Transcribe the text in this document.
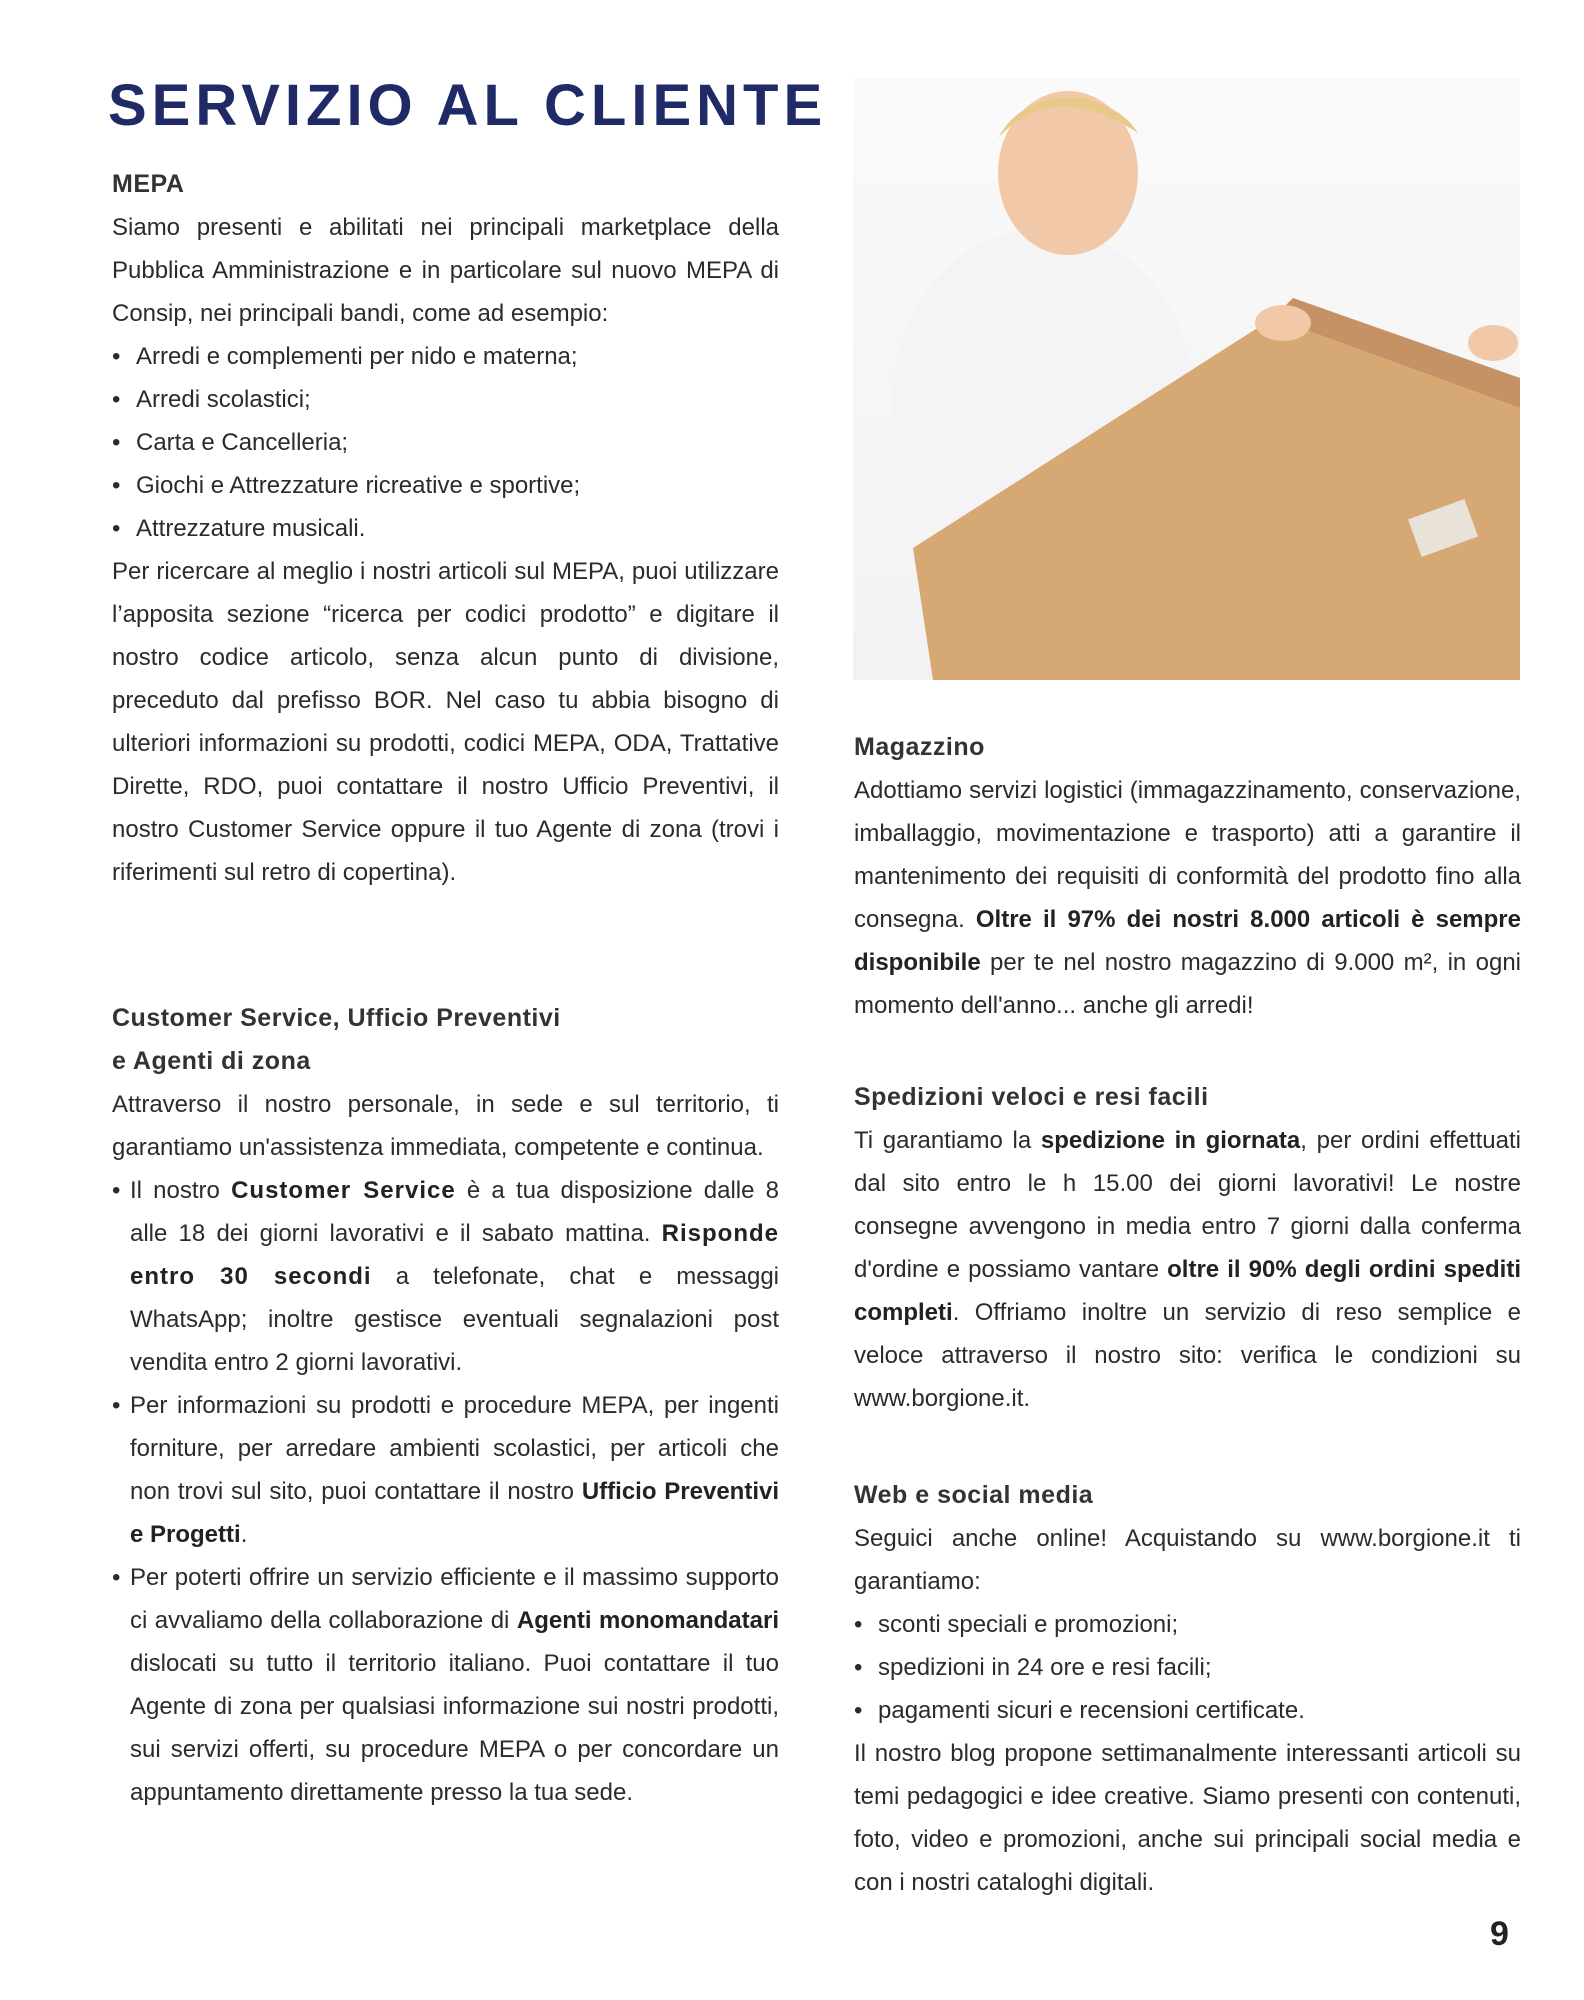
SERVIZIO AL CLIENTE
MEPA

Siamo presenti e abilitati nei principali marketplace della Pubblica Amministrazione e in particolare sul nuovo MEPA di Consip, nei principali bandi, come ad esempio:

• Arredi e complementi per nido e materna;
• Arredi scolastici;
• Carta e Cancelleria;
• Giochi e Attrezzature ricreative e sportive;
• Attrezzature musicali.

Per ricercare al meglio i nostri articoli sul MEPA, puoi utilizzare l’apposita sezione “ricerca per codici prodotto” e digitare il nostro codice articolo, senza alcun punto di divisione, preceduto dal prefisso BOR. Nel caso tu abbia bisogno di ulteriori informazioni su prodotti, codici MEPA, ODA, Trattative Dirette, RDO, puoi contattare il nostro Ufficio Preventivi, il nostro Customer Service oppure il tuo Agente di zona (trovi i riferimenti sul retro di copertina).

Customer Service, Ufficio Preventivi
e Agenti di zona

Attraverso il nostro personale, in sede e sul territorio, ti garantiamo un'assistenza immediata, competente e continua.

• Il nostro Customer Service è a tua disposizione dalle 8 alle 18 dei giorni lavorativi e il sabato mattina. Risponde entro 30 secondi a telefonate, chat e messaggi WhatsApp; inoltre gestisce eventuali segnalazioni post vendita entro 2 giorni lavorativi.
• Per informazioni su prodotti e procedure MEPA, per ingenti forniture, per arredare ambienti scolastici, per articoli che non trovi sul sito, puoi contattare il nostro Ufficio Preventivi e Progetti.
• Per poterti offrire un servizio efficiente e il massimo supporto ci avvaliamo della collaborazione di Agenti monomandatari dislocati su tutto il territorio italiano. Puoi contattare il tuo Agente di zona per qualsiasi informazione sui nostri prodotti, sui servizi offerti, su procedure MEPA o per concordare un appuntamento direttamente presso la tua sede.
Magazzino

Adottiamo servizi logistici (immagazzinamento, conservazione, imballaggio, movimentazione e trasporto) atti a garantire il mantenimento dei requisiti di conformità del prodotto fino alla consegna. Oltre il 97% dei nostri 8.000 articoli è sempre disponibile per te nel nostro magazzino di 9.000 m², in ogni momento dell'anno... anche gli arredi!

Spedizioni veloci e resi facili

Ti garantiamo la spedizione in giornata, per ordini effettuati dal sito entro le h 15.00 dei giorni lavorativi! Le nostre consegne avvengono in media entro 7 giorni dalla conferma d'ordine e possiamo vantare oltre il 90% degli ordini spediti completi. Offriamo inoltre un servizio di reso semplice e veloce attraverso il nostro sito: verifica le condizioni su www.borgione.it.

Web e social media

Seguici anche online! Acquistando su www.borgione.it ti garantiamo:

• sconti speciali e promozioni;
• spedizioni in 24 ore e resi facili;
• pagamenti sicuri e recensioni certificate.

Il nostro blog propone settimanalmente interessanti articoli su temi pedagogici e idee creative. Siamo presenti con contenuti, foto, video e promozioni, anche sui principali social media e con i nostri cataloghi digitali.

9
